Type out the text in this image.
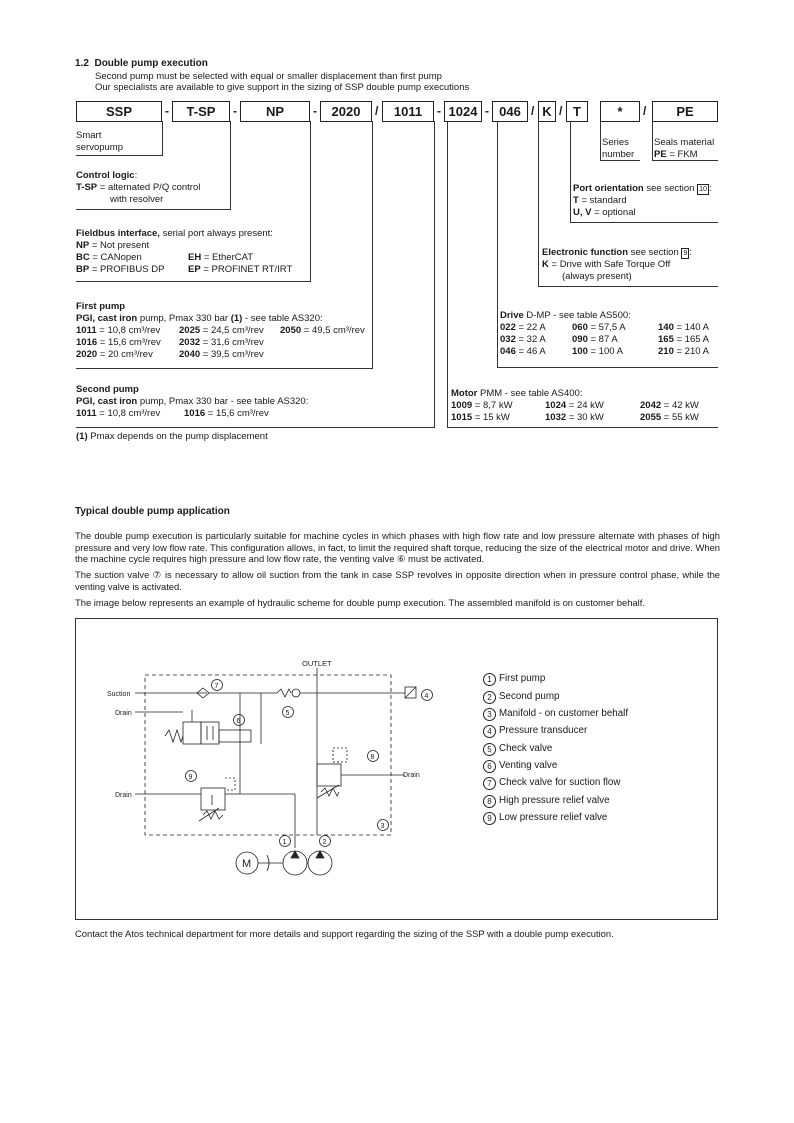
1.2 Double pump execution
Second pump must be selected with equal or smaller displacement than first pump
Our specialists are available to give support in the sizing of SSP double pump executions
SSP	-	T-SP	-	NP	-	2020	/	1011	- 1024 - 046 / K / T	*	/	PE
Smart
servopump	Series
number
Seals material
PE = FKM
Control logic:
T-SP = alternated P/Q control
with resolver
Fieldbus interface, serial port always present:
NP = Not present
BC = CANopen	EH = EtherCAT
BP = PROFIBUS DP EP = PROFINET RT/IRT
First pump
PGI, cast iron pump, Pmax 330 bar (1) - see table AS320:
1011 = 10,8 cm³/rev 2025 = 24,5 cm³/rev 2050 = 49,5 cm³/rev
1016 = 15,6 cm³/rev 2032 = 31,6 cm³/rev
2020 = 20 cm³/rev	2040 = 39,5 cm³/rev
Second pump
PGI, cast iron pump, Pmax 330 bar - see table AS320:
1011 = 10,8 cm³/rev	1016 = 15,6 cm³/rev
(1) Pmax depends on the pump displacement
Port orientation see section 10 :
T = standard
U, V = optional
Electronic function see section 9 :
K = Drive with Safe Torque Off
(always present)
Drive D-MP - see table AS500:
022 = 22 A	060 = 57,5 A	140 = 140 A
032 = 32 A	090 = 87 A	165 = 165 A
046 = 46 A	100 = 100 A	210 = 210 A
Motor PMM - see table AS400:
1009 = 8,7 kW	1024 = 24 kW	2042 = 42 kW
1015 = 15 kW	1032 = 30 kW	2055 = 55 kW
Typical double pump application
The double pump execution is particularly suitable for machine cycles in which phases with high flow rate and low pressure alternate with phases of high pressure and very low flow rate. This configuration allows, in fact, to limit the required shaft torque, reducing the size of the electrical motor and drive. When the machine cycle requires high pressure and low flow rate, the venting valve ⑥ must be activated.
The suction valve ⑦ is necessary to allow oil suction from the tank in case SSP revolves in opposite direction when in pressure control phase, while the venting valve is activated.
The image below represents an example of hydraulic scheme for double pump execution. The assembled manifold is on customer behalf.
OUTLET
Suction
Drain
Drain
Drain
M
7
5
4
6
8
9
3
1	2
1 First pump
2 Second pump
3 Manifold - on customer behalf
4 Pressure transducer
5 Check valve
6 Venting valve
7 Check valve for suction flow
8 High pressure relief valve
9 Low pressure relief valve
Contact the Atos technical department for more details and support regarding the sizing of the SSP with a double pump execution.
